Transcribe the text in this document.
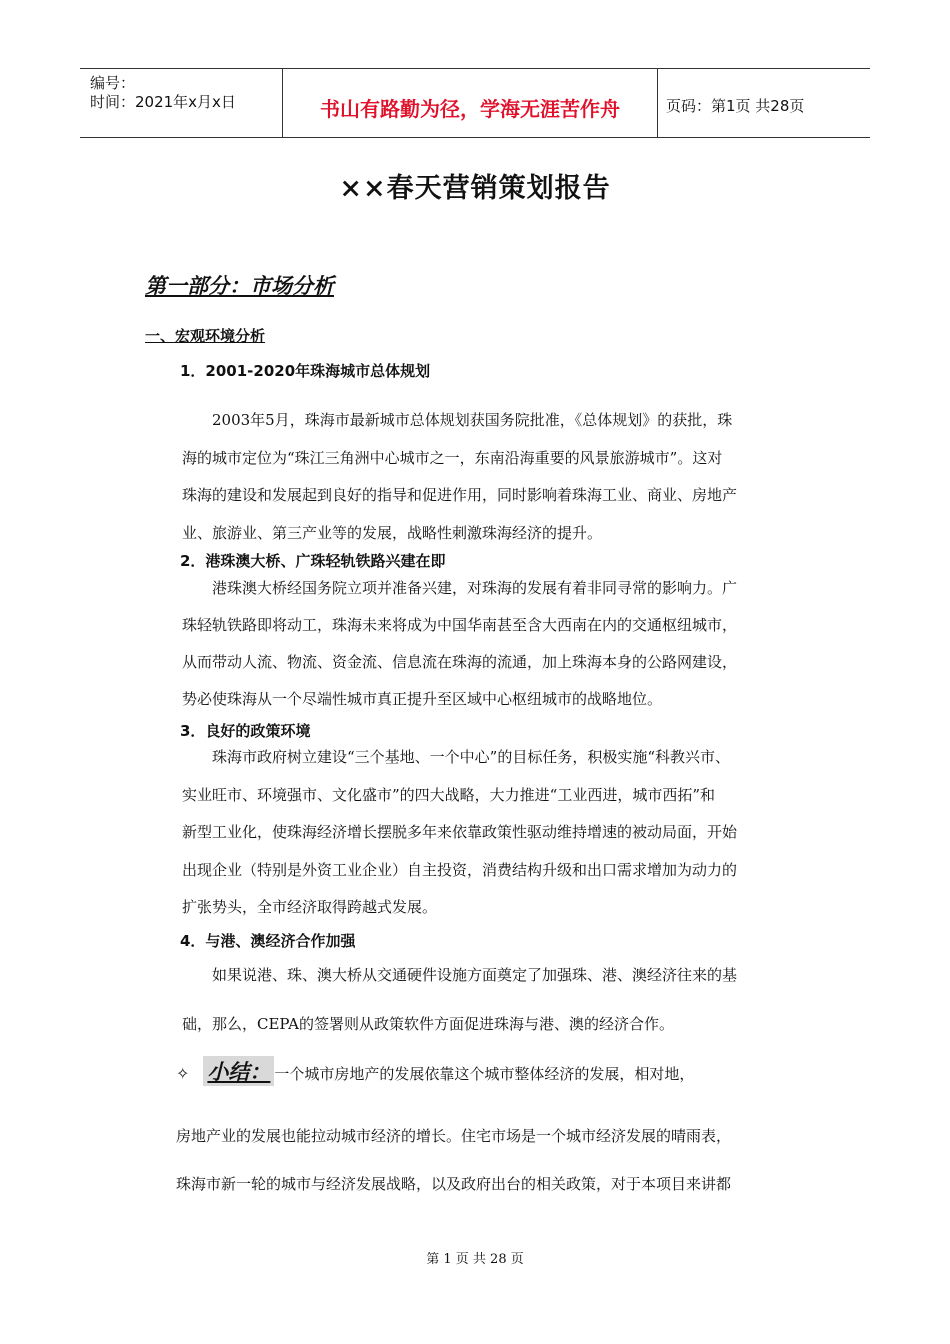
编号：
时间：2021年x月x日	书山有路勤为径，学海无涯苦作舟	页码：第1页 共28页
××春天营销策划报告
第一部分：市场分析
一、宏观环境分析
1．2001-2020年珠海城市总体规划
　　2003年5月，珠海市最新城市总体规划获国务院批准，《总体规划》的获批，珠
海的城市定位为“珠江三角洲中心城市之一，东南沿海重要的风景旅游城市”。这对
珠海的建设和发展起到良好的指导和促进作用，同时影响着珠海工业、商业、房地产
业、旅游业、第三产业等的发展，战略性刺激珠海经济的提升。
2．港珠澳大桥、广珠轻轨铁路兴建在即
　　港珠澳大桥经国务院立项并准备兴建，对珠海的发展有着非同寻常的影响力。广
珠轻轨铁路即将动工，珠海未来将成为中国华南甚至含大西南在内的交通枢纽城市，
从而带动人流、物流、资金流、信息流在珠海的流通，加上珠海本身的公路网建设，
势必使珠海从一个尽端性城市真正提升至区域中心枢纽城市的战略地位。
3．良好的政策环境
　　珠海市政府树立建设“三个基地、一个中心”的目标任务，积极实施“科教兴市、
实业旺市、环境强市、文化盛市”的四大战略，大力推进“工业西进，城市西拓”和
新型工业化，使珠海经济增长摆脱多年来依靠政策性驱动维持增速的被动局面，开始
出现企业（特别是外资工业企业）自主投资，消费结构升级和出口需求增加为动力的
扩张势头，全市经济取得跨越式发展。
4．与港、澳经济合作加强
　　如果说港、珠、澳大桥从交通硬件设施方面奠定了加强珠、港、澳经济往来的基
础，那么，CEPA的签署则从政策软件方面促进珠海与港、澳的经济合作。
✧ 小结： 一个城市房地产的发展依靠这个城市整体经济的发展，相对地，
房地产业的发展也能拉动城市经济的增长。住宅市场是一个城市经济发展的晴雨表，
珠海市新一轮的城市与经济发展战略，以及政府出台的相关政策，对于本项目来讲都
第 1 页 共 28 页
